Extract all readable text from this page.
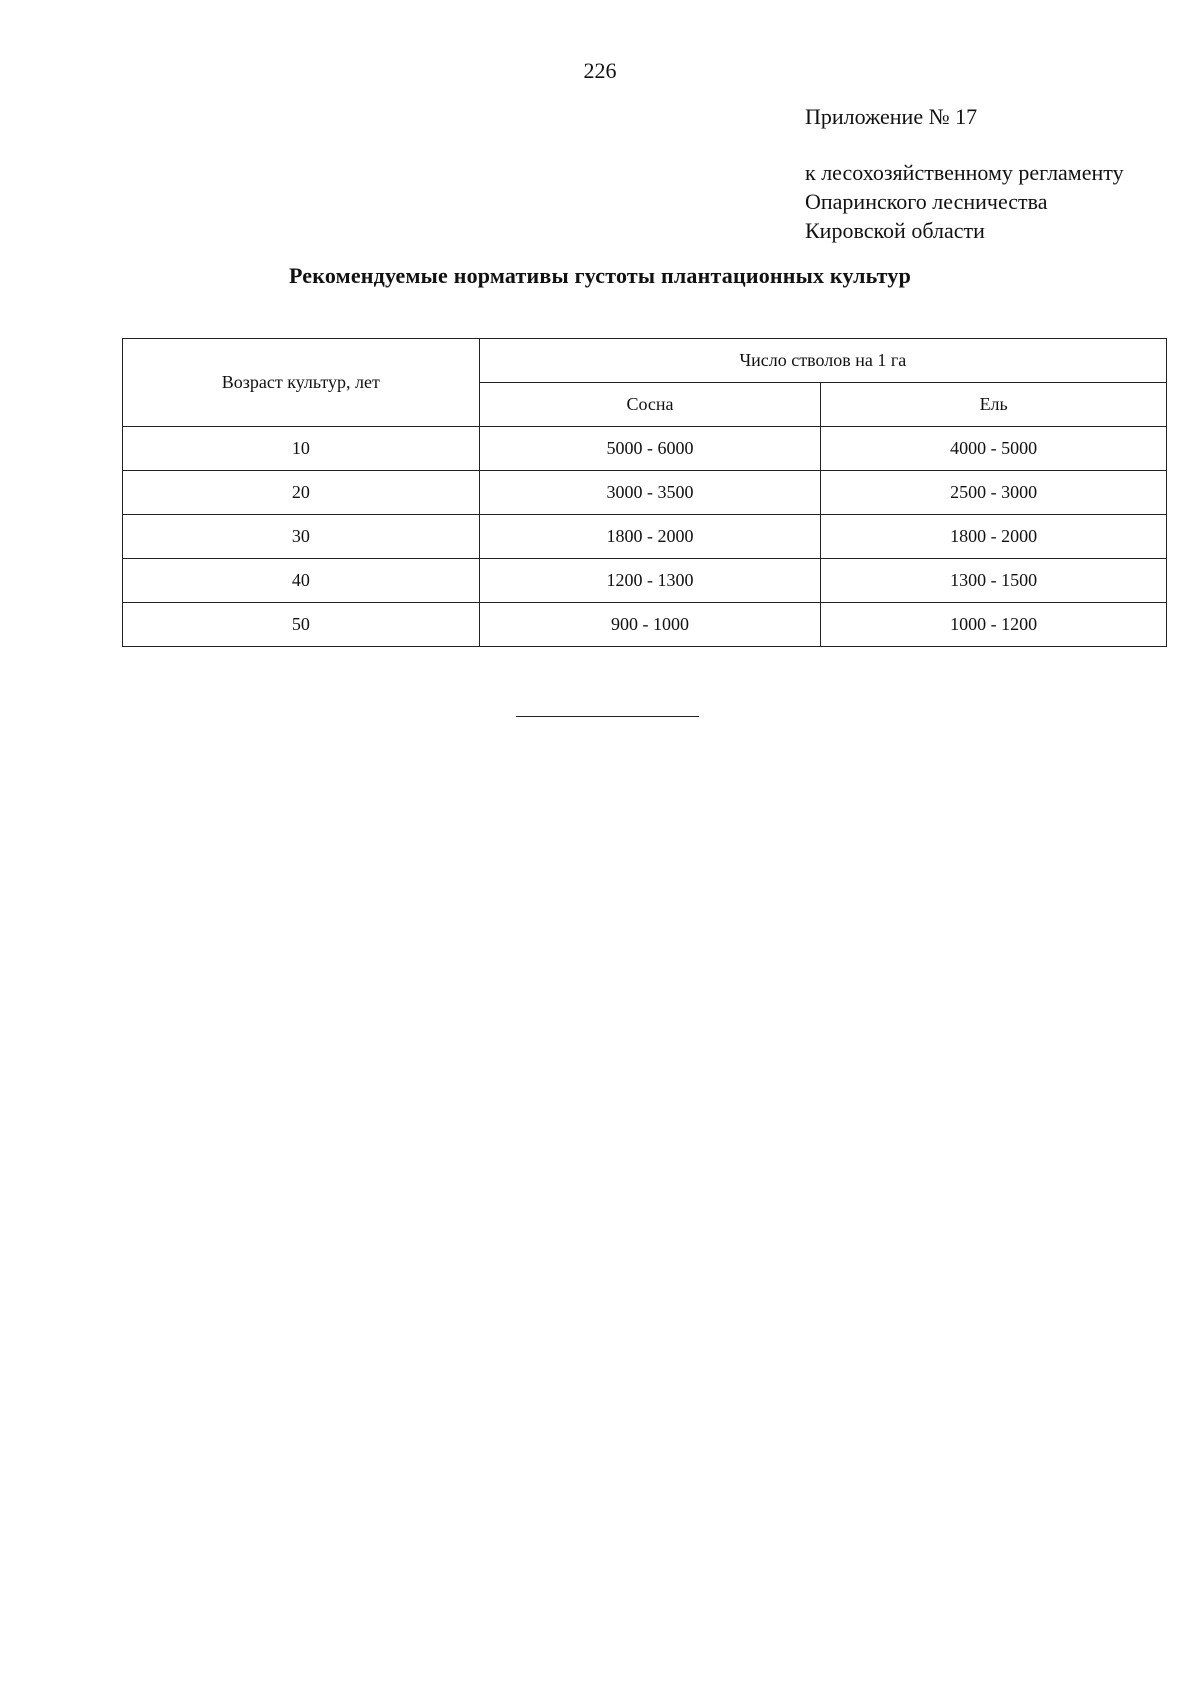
226
Приложение № 17
к лесохозяйственному регламенту
Опаринского лесничества
Кировской области
Рекомендуемые нормативы густоты плантационных культур
Возраст культур, лет	Число стволов на 1 га	
	Сосна	Ель
10	5000 - 6000	4000 - 5000
20	3000 - 3500	2500 - 3000
30	1800 - 2000	1800 - 2000
40	1200 - 1300	1300 - 1500
50	900 - 1000	1000 - 1200
